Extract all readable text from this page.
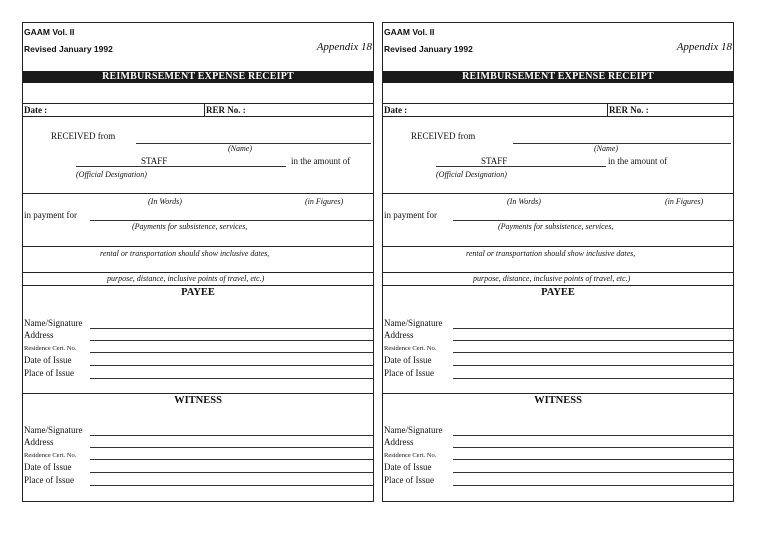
GAAM Vol. II
Revised January 1992	Appendix 18
REIMBURSEMENT EXPENSE RECEIPT
Date :	RER No. :
RECEIVED from
(Name)
STAFF	in the amount of
(Official Designation)
(In Words)	(in Figures)
in payment for
(Payments for subsistence, services,
rental or transportation should show inclusive dates,
purpose, distance, inclusive points of travel, etc.)
PAYEE
Name/Signature
Address
Residence Cert. No.
Date of Issue
Place of Issue
WITNESS
Name/Signature
Address
Residence Cert. No.
Date of Issue
Place of Issue
GAAM Vol. II
Revised January 1992	Appendix 18
REIMBURSEMENT EXPENSE RECEIPT
Date :	RER No. :
RECEIVED from
(Name)
STAFF	in the amount of
(Official Designation)
(In Words)	(in Figures)
in payment for
(Payments for subsistence, services,
rental or transportation should show inclusive dates,
purpose, distance, inclusive points of travel, etc.)
PAYEE
Name/Signature
Address
Residence Cert. No.
Date of Issue
Place of Issue
WITNESS
Name/Signature
Address
Residence Cert. No.
Date of Issue
Place of Issue
